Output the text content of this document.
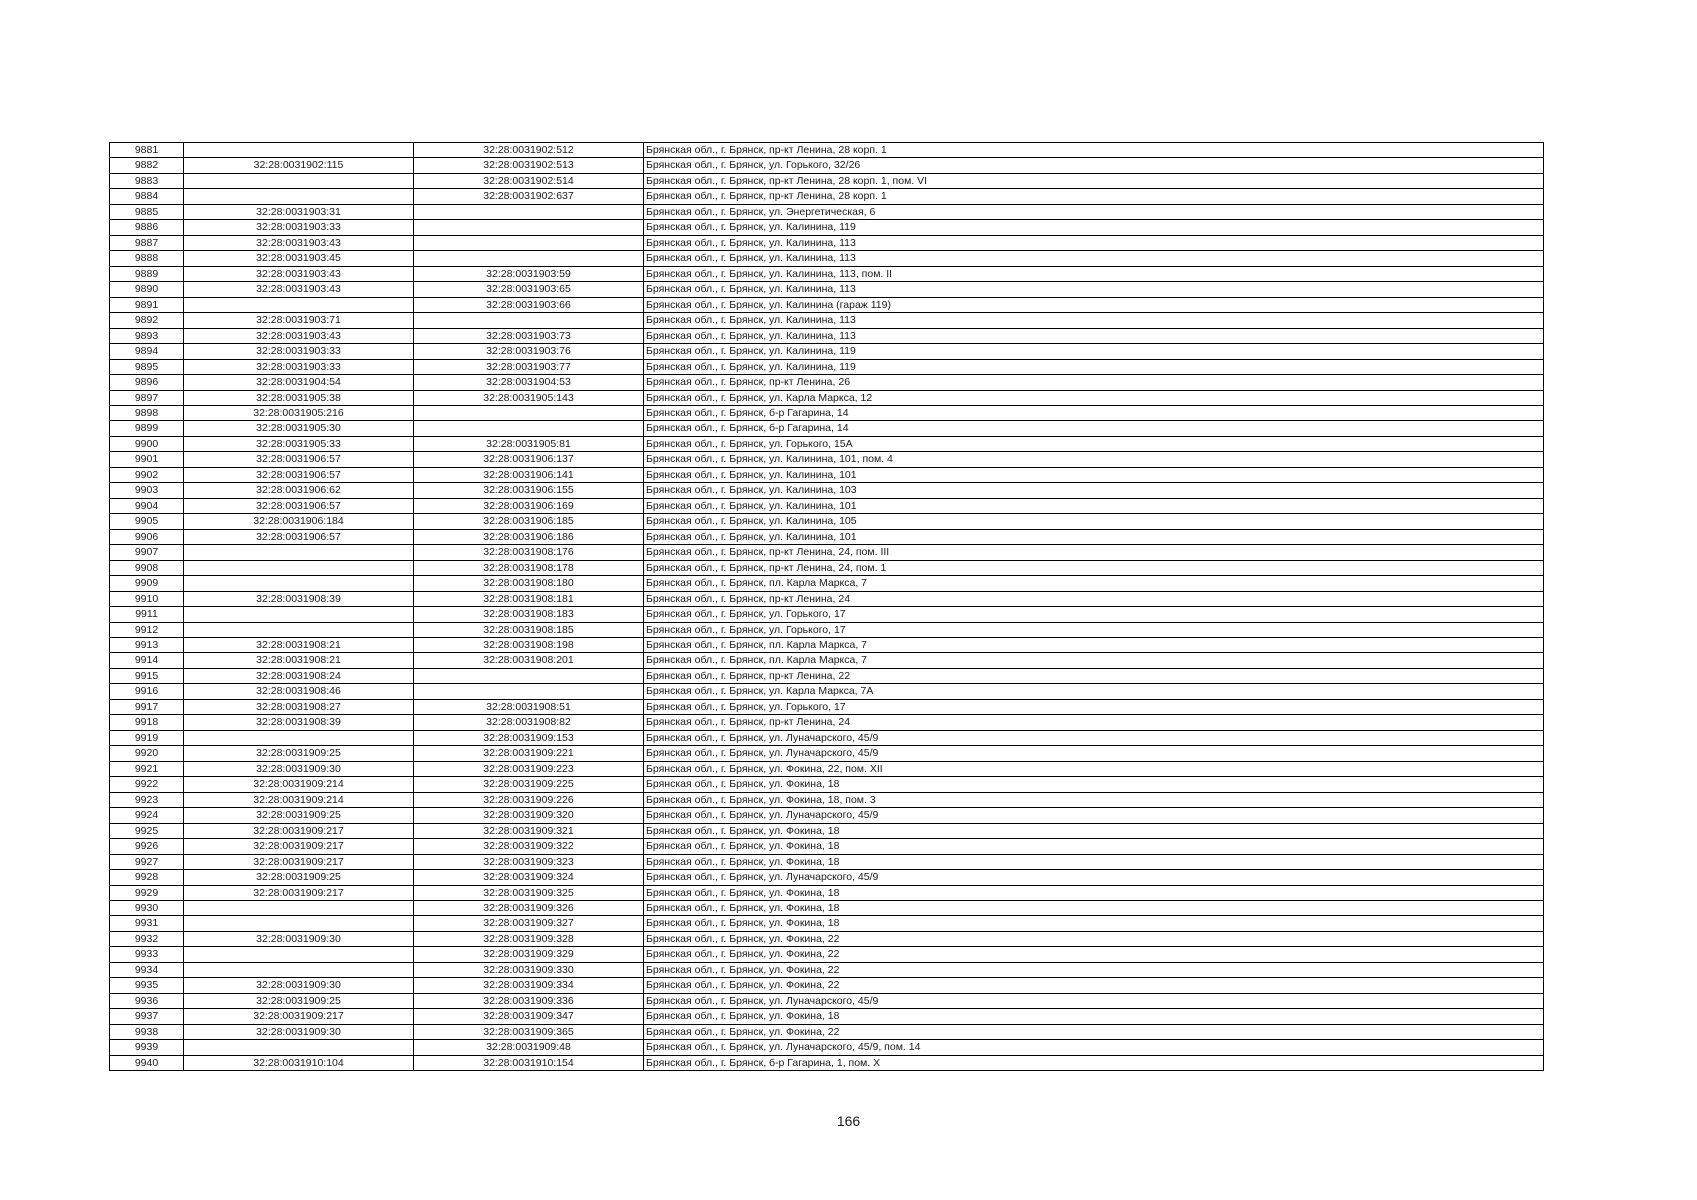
9881		32:28:0031902:512	Брянская обл., г. Брянск, пр-кт Ленина, 28 корп. 1
9882	32:28:0031902:115	32:28:0031902:513	Брянская обл., г. Брянск, ул. Горького, 32/26
9883		32:28:0031902:514	Брянская обл., г. Брянск, пр-кт Ленина, 28 корп. 1, пом. VI
9884		32:28:0031902:637	Брянская обл., г. Брянск, пр-кт Ленина, 28 корп. 1
9885	32:28:0031903:31		Брянская обл., г. Брянск, ул. Энергетическая, 6
9886	32:28:0031903:33		Брянская обл., г. Брянск, ул. Калинина, 119
9887	32:28:0031903:43		Брянская обл., г. Брянск, ул. Калинина, 113
9888	32:28:0031903:45		Брянская обл., г. Брянск, ул. Калинина, 113
9889	32:28:0031903:43	32:28:0031903:59	Брянская обл., г. Брянск, ул. Калинина, 113, пом. II
9890	32:28:0031903:43	32:28:0031903:65	Брянская обл., г. Брянск, ул. Калинина, 113
9891		32:28:0031903:66	Брянская обл., г. Брянск, ул. Калинина (гараж 119)
9892	32:28:0031903:71		Брянская обл., г. Брянск, ул. Калинина, 113
9893	32:28:0031903:43	32:28:0031903:73	Брянская обл., г. Брянск, ул. Калинина, 113
9894	32:28:0031903:33	32:28:0031903:76	Брянская обл., г. Брянск, ул. Калинина, 119
9895	32:28:0031903:33	32:28:0031903:77	Брянская обл., г. Брянск, ул. Калинина, 119
9896	32:28:0031904:54	32:28:0031904:53	Брянская обл., г. Брянск, пр-кт Ленина, 26
9897	32:28:0031905:38	32:28:0031905:143	Брянская обл., г. Брянск, ул. Карла Маркса, 12
9898	32:28:0031905:216		Брянская обл., г. Брянск, б-р Гагарина, 14
9899	32:28:0031905:30		Брянская обл., г. Брянск, б-р Гагарина, 14
9900	32:28:0031905:33	32:28:0031905:81	Брянская обл., г. Брянск, ул. Горького, 15А
9901	32:28:0031906:57	32:28:0031906:137	Брянская обл., г. Брянск, ул. Калинина, 101, пом. 4
9902	32:28:0031906:57	32:28:0031906:141	Брянская обл., г. Брянск, ул. Калинина, 101
9903	32:28:0031906:62	32:28:0031906:155	Брянская обл., г. Брянск, ул. Калинина, 103
9904	32:28:0031906:57	32:28:0031906:169	Брянская обл., г. Брянск, ул. Калинина, 101
9905	32:28:0031906:184	32:28:0031906:185	Брянская обл., г. Брянск, ул. Калинина, 105
9906	32:28:0031906:57	32:28:0031906:186	Брянская обл., г. Брянск, ул. Калинина, 101
9907		32:28:0031908:176	Брянская обл., г. Брянск, пр-кт Ленина, 24, пом. III
9908		32:28:0031908:178	Брянская обл., г. Брянск, пр-кт Ленина, 24, пом. 1
9909		32:28:0031908:180	Брянская обл., г. Брянск, пл. Карла Маркса, 7
9910	32:28:0031908:39	32:28:0031908:181	Брянская обл., г. Брянск, пр-кт Ленина, 24
9911		32:28:0031908:183	Брянская обл., г. Брянск, ул. Горького, 17
9912		32:28:0031908:185	Брянская обл., г. Брянск, ул. Горького, 17
9913	32:28:0031908:21	32:28:0031908:198	Брянская обл., г. Брянск, пл. Карла Маркса, 7
9914	32:28:0031908:21	32:28:0031908:201	Брянская обл., г. Брянск, пл. Карла Маркса, 7
9915	32:28:0031908:24		Брянская обл., г. Брянск, пр-кт Ленина, 22
9916	32:28:0031908:46		Брянская обл., г. Брянск, ул. Карла Маркса, 7А
9917	32:28:0031908:27	32:28:0031908:51	Брянская обл., г. Брянск, ул. Горького, 17
9918	32:28:0031908:39	32:28:0031908:82	Брянская обл., г. Брянск, пр-кт Ленина, 24
9919		32:28:0031909:153	Брянская обл., г. Брянск, ул. Луначарского, 45/9
9920	32:28:0031909:25	32:28:0031909:221	Брянская обл., г. Брянск, ул. Луначарского, 45/9
9921	32:28:0031909:30	32:28:0031909:223	Брянская обл., г. Брянск, ул. Фокина, 22, пом. XII
9922	32:28:0031909:214	32:28:0031909:225	Брянская обл., г. Брянск, ул. Фокина, 18
9923	32:28:0031909:214	32:28:0031909:226	Брянская обл., г. Брянск, ул. Фокина, 18, пом. 3
9924	32:28:0031909:25	32:28:0031909:320	Брянская обл., г. Брянск, ул. Луначарского, 45/9
9925	32:28:0031909:217	32:28:0031909:321	Брянская обл., г. Брянск, ул. Фокина, 18
9926	32:28:0031909:217	32:28:0031909:322	Брянская обл., г. Брянск, ул. Фокина, 18
9927	32:28:0031909:217	32:28:0031909:323	Брянская обл., г. Брянск, ул. Фокина, 18
9928	32:28:0031909:25	32:28:0031909:324	Брянская обл., г. Брянск, ул. Луначарского, 45/9
9929	32:28:0031909:217	32:28:0031909:325	Брянская обл., г. Брянск, ул. Фокина, 18
9930		32:28:0031909:326	Брянская обл., г. Брянск, ул. Фокина, 18
9931		32:28:0031909:327	Брянская обл., г. Брянск, ул. Фокина, 18
9932	32:28:0031909:30	32:28:0031909:328	Брянская обл., г. Брянск, ул. Фокина, 22
9933		32:28:0031909:329	Брянская обл., г. Брянск, ул. Фокина, 22
9934		32:28:0031909:330	Брянская обл., г. Брянск, ул. Фокина, 22
9935	32:28:0031909:30	32:28:0031909:334	Брянская обл., г. Брянск, ул. Фокина, 22
9936	32:28:0031909:25	32:28:0031909:336	Брянская обл., г. Брянск, ул. Луначарского, 45/9
9937	32:28:0031909:217	32:28:0031909:347	Брянская обл., г. Брянск, ул. Фокина, 18
9938	32:28:0031909:30	32:28:0031909:365	Брянская обл., г. Брянск, ул. Фокина, 22
9939		32:28:0031909:48	Брянская обл., г. Брянск, ул. Луначарского, 45/9, пом. 14
9940	32:28:0031910:104	32:28:0031910:154	Брянская обл., г. Брянск, б-р Гагарина, 1, пом. X
166
